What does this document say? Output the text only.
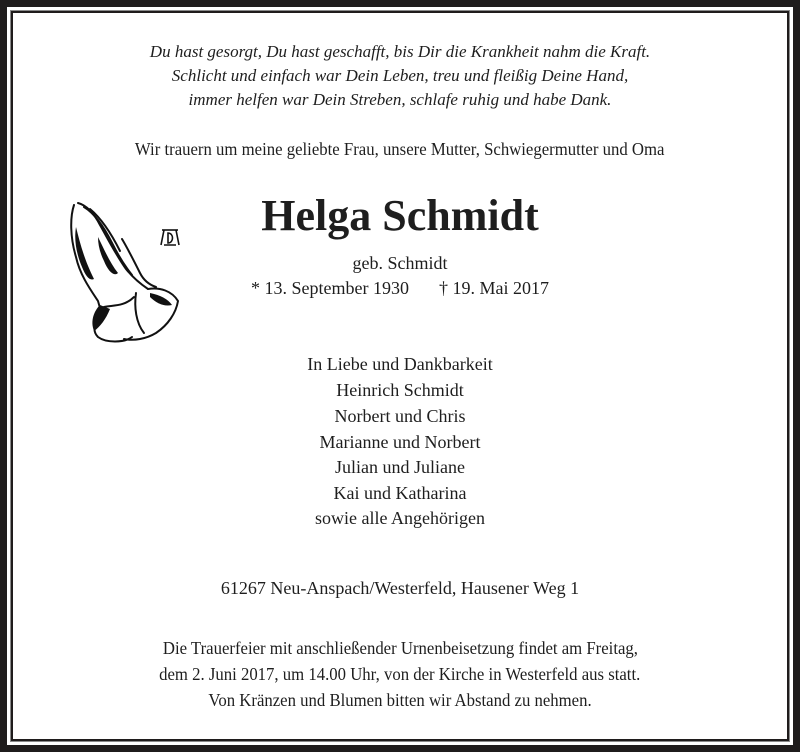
Du hast gesorgt, Du hast geschafft, bis Dir die Krankheit nahm die Kraft.
Schlicht und einfach war Dein Leben, treu und fleißig Deine Hand,
immer helfen war Dein Streben, schlafe ruhig und habe Dank.
Wir trauern um meine geliebte Frau, unsere Mutter, Schwiegermutter und Oma
Helga Schmidt
geb. Schmidt
* 13. September 1930 † 19. Mai 2017
In Liebe und Dankbarkeit
Heinrich Schmidt
Norbert und Chris
Marianne und Norbert
Julian und Juliane
Kai und Katharina
sowie alle Angehörigen
61267 Neu-Anspach/Westerfeld, Hausener Weg 1
Die Trauerfeier mit anschließender Urnenbeisetzung findet am Freitag,
dem 2. Juni 2017, um 14.00 Uhr, von der Kirche in Westerfeld aus statt.
Von Kränzen und Blumen bitten wir Abstand zu nehmen.
